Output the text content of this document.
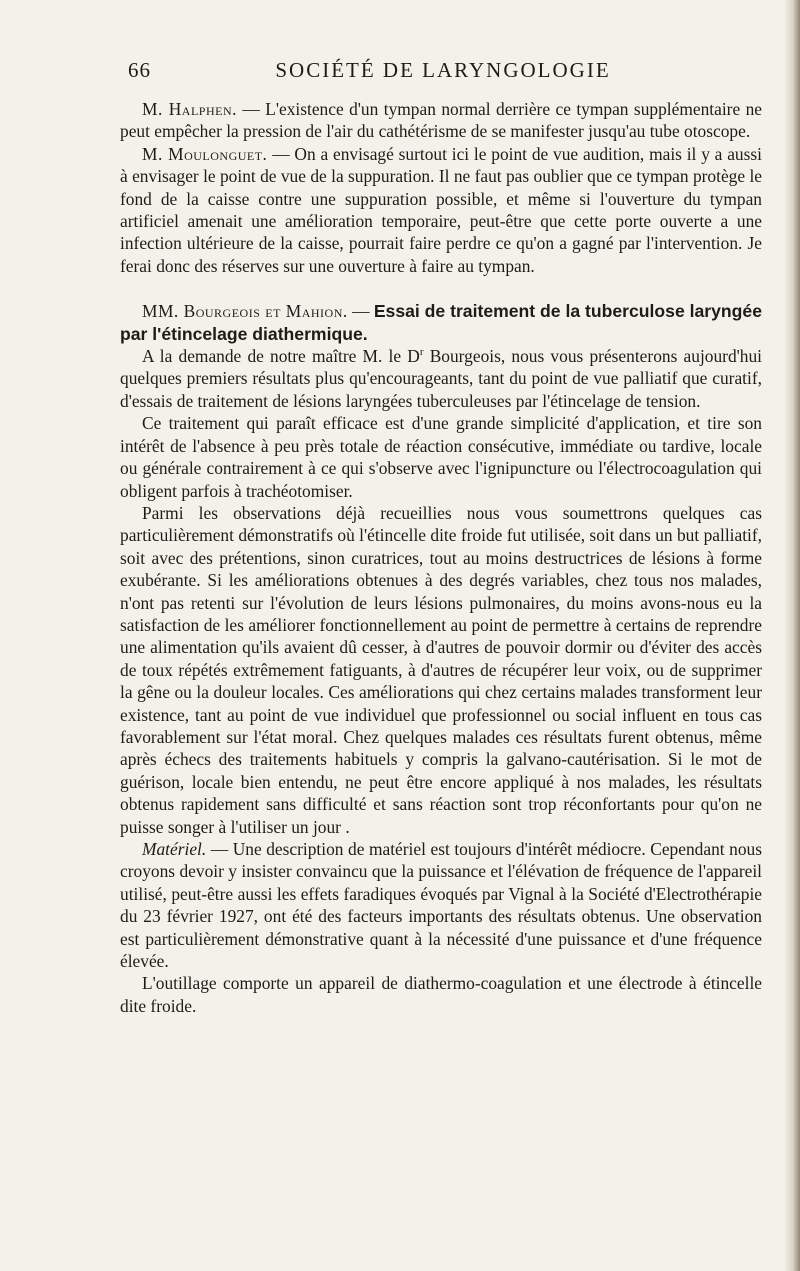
66	SOCIÉTÉ DE LARYNGOLOGIE

M. Halphen. — L'existence d'un tympan normal derrière ce tympan supplémentaire ne peut empêcher la pression de l'air du cathétérisme de se manifester jusqu'au tube otoscope.

M. Moulonguet. — On a envisagé surtout ici le point de vue audition, mais il y a aussi à envisager le point de vue de la suppuration. Il ne faut pas oublier que ce tympan protège le fond de la caisse contre une suppuration possible, et même si l'ouverture du tympan artificiel amenait une amélioration temporaire, peut-être que cette porte ouverte a une infection ultérieure de la caisse, pourrait faire perdre ce qu'on a gagné par l'intervention. Je ferai donc des réserves sur une ouverture à faire au tympan.

MM. Bourgeois et Mahion. — Essai de traitement de la tuberculose laryngée par l'étincelage diathermique.

A la demande de notre maître M. le $D^r$ Bourgeois, nous vous présenterons aujourd'hui quelques premiers résultats plus qu'encourageants, tant du point de vue palliatif que curatif, d'essais de traitement de lésions laryngées tuberculeuses par l'étincelage de tension.

Ce traitement qui paraît efficace est d'une grande simplicité d'application, et tire son intérêt de l'absence à peu près totale de réaction consécutive, immédiate ou tardive, locale ou générale contrairement à ce qui s'observe avec l'ignipuncture ou l'électrocoagulation qui obligent parfois à trachéotomiser.

Parmi les observations déjà recueillies nous vous soumettrons quelques cas particulièrement démonstratifs où l'étincelle dite froide fut utilisée, soit dans un but palliatif, soit avec des prétentions, sinon curatrices, tout au moins destructrices de lésions à forme exubérante. Si les améliorations obtenues à des degrés variables, chez tous nos malades, n'ont pas retenti sur l'évolution de leurs lésions pulmonaires, du moins avons-nous eu la satisfaction de les améliorer fonctionnellement au point de permettre à certains de reprendre une alimentation qu'ils avaient dû cesser, à d'autres de pouvoir dormir ou d'éviter des accès de toux répétés extrêmement fatiguants, à d'autres de récupérer leur voix, ou de supprimer la gêne ou la douleur locales. Ces améliorations qui chez certains malades transforment leur existence, tant au point de vue individuel que professionnel ou social influent en tous cas favorablement sur l'état moral. Chez quelques malades ces résultats furent obtenus, même après échecs des traitements habituels y compris la galvano-cautérisation. Si le mot de guérison, locale bien entendu, ne peut être encore appliqué à nos malades, les résultats obtenus rapidement sans difficulté et sans réaction sont trop réconfortants pour qu'on ne puisse songer à l'utiliser un jour .

Matériel. — Une description de matériel est toujours d'intérêt médiocre. Cependant nous croyons devoir y insister convaincu que la puissance et l'élévation de fréquence de l'appareil utilisé, peut-être aussi les effets faradiques évoqués par Vignal à la Société d'Electrothérapie du 23 février 1927, ont été des facteurs importants des résultats obtenus. Une observation est particulièrement démonstrative quant à la nécessité d'une puissance et d'une fréquence élevée.

L'outillage comporte un appareil de diathermo-coagulation et une électrode à étincelle dite froide.
